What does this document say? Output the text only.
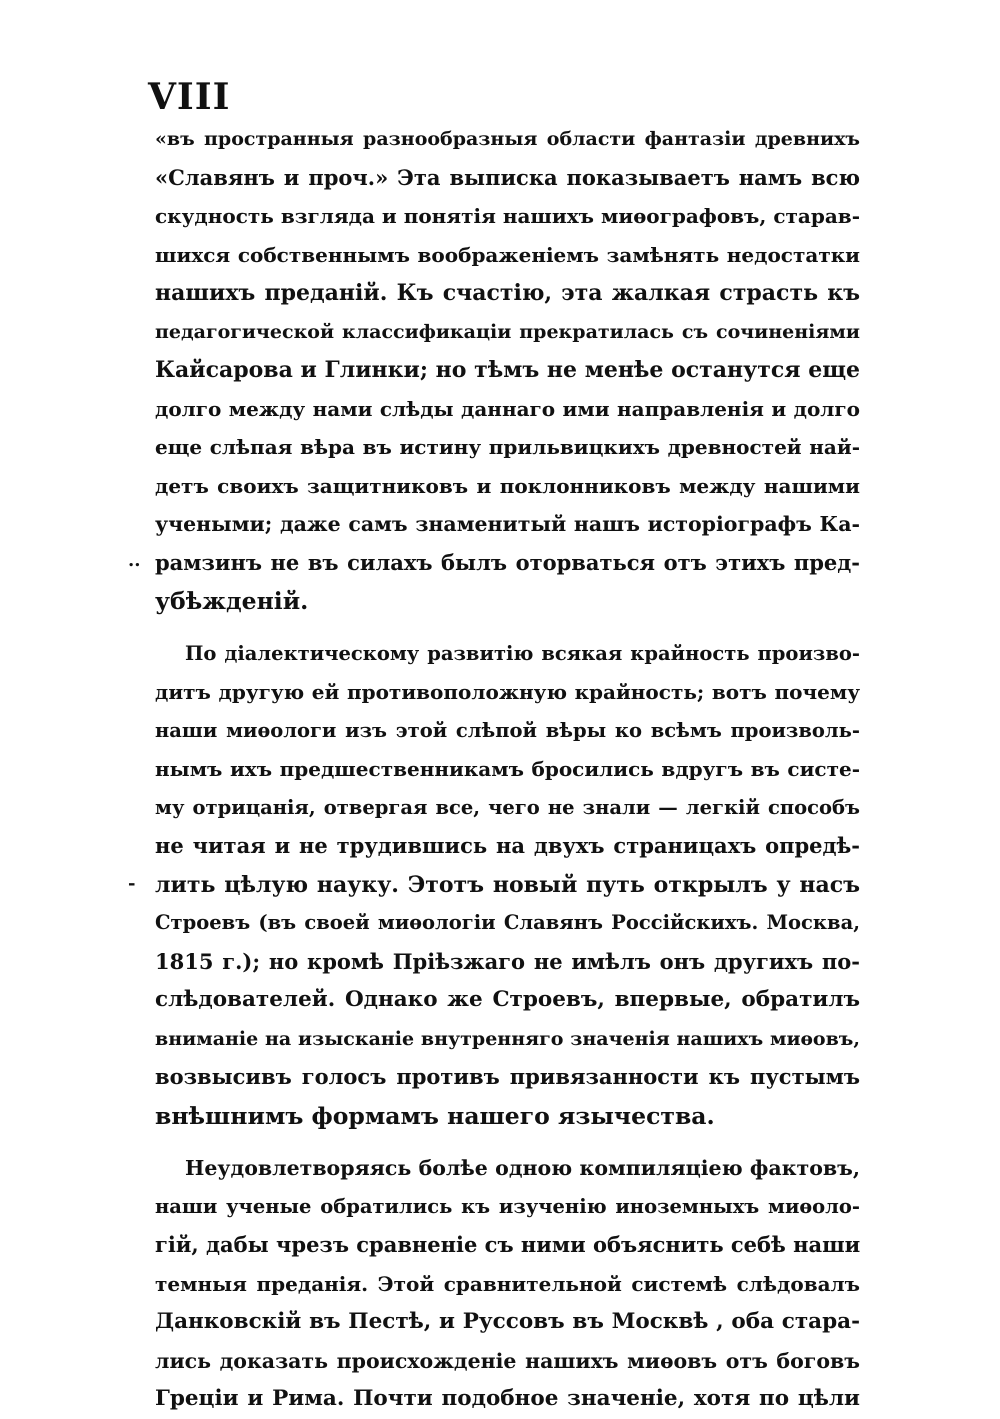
VIII
..
-
«въ пространныя разнообразныя области фантазіи древнихъ
«Славянъ и проч.» Эта выписка показываетъ намъ всю
скудность взгляда и понятія нашихъ миѳографовъ, старав-
шихся собственнымъ воображеніемъ замѣнять недостатки
нашихъ преданій. Къ счастію, эта жалкая страсть къ
педагогической классификаціи прекратилась съ сочиненіями
Кайсарова и Глинки; но тѣмъ не менѣе останутся еще
долго между нами слѣды даннаго ими направленія и долго
еще слѣпая вѣра въ истину прильвицкихъ древностей най-
детъ своихъ защитниковъ и поклонниковъ между нашими
учеными; даже самъ знаменитый нашъ исторіографъ Ка-
рамзинъ не въ силахъ былъ оторваться отъ этихъ пред-
убѣжденій.
По діалектическому развитію всякая крайность произво-
дитъ другую ей противоположную крайность; вотъ почему
наши миѳологи изъ этой слѣпой вѣры ко всѣмъ произволь-
нымъ ихъ предшественникамъ бросились вдругъ въ систе-
му отрицанія, отвергая все, чего не знали — легкій способъ
не читая и не трудившись на двухъ страницахъ опредѣ-
лить цѣлую науку. Этотъ новый путь открылъ у насъ
Строевъ (въ своей миѳологіи Славянъ Россійскихъ. Москва,
1815 г.); но кромѣ Пріѣзжаго не имѣлъ онъ другихъ по-
слѣдователей. Однако же Строевъ, впервые, обратилъ
вниманіе на изысканіе внутренняго значенія нашихъ миѳовъ,
возвысивъ голосъ противъ привязанности къ пустымъ
внѣшнимъ формамъ нашего язычества.
Неудовлетворяясь болѣе одною компиляціею фактовъ,
наши ученые обратились къ изученію иноземныхъ миѳоло-
гій, дабы чрезъ сравненіе съ ними объяснить себѣ наши
темныя преданія. Этой сравнительной системѣ слѣдовалъ
Данковскій въ Пестѣ, и Руссовъ въ Москвѣ , оба стара-
лись доказать происхожденіе нашихъ миѳовъ отъ боговъ
Греціи и Рима. Почти подобное значеніе, хотя по цѣли
